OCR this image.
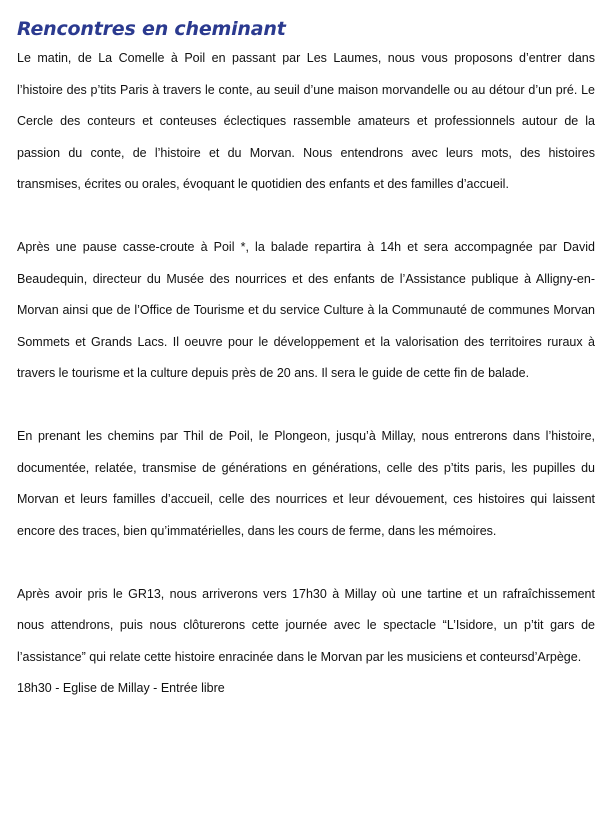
Rencontres en cheminant

Le matin, de La Comelle à Poil en passant par Les Laumes, nous vous proposons d’entrer dans l’histoire des p’tits Paris à travers le conte, au seuil d’une maison morvandelle ou au détour d’un pré. Le Cercle des conteurs et conteuses éclectiques rassemble amateurs et professionnels autour de la passion du conte, de l’histoire et du Morvan. Nous entendrons avec leurs mots, des histoires transmises, écrites ou orales, évoquant le quotidien des enfants et des familles d’accueil.

Après une pause casse-croute à Poil *, la balade repartira à 14h et sera accompagnée par David Beaudequin, directeur du Musée des nourrices et des enfants de l’Assistance publique à Alligny-en-Morvan ainsi que de l’Office de Tourisme et du service Culture à la Communauté de communes Morvan Sommets et Grands Lacs. Il oeuvre pour le développement et la valorisation des territoires ruraux à travers le tourisme et la culture depuis près de 20 ans. Il sera le guide de cette fin de balade.

En prenant les chemins par Thil de Poil, le Plongeon, jusqu’à Millay, nous entrerons dans l’histoire, documentée, relatée, transmise de générations en générations, celle des p’tits paris, les pupilles du Morvan et leurs familles d’accueil, celle des nourrices et leur dévouement, ces histoires qui laissent encore des traces, bien qu’immatérielles, dans les cours de ferme, dans les mémoires.

Après avoir pris le GR13, nous arriverons vers 17h30 à Millay où une tartine et un rafraîchissement nous attendrons, puis nous clôturerons cette journée avec le spectacle “L’Isidore, un p’tit gars de l’assistance” qui relate cette histoire enracinée dans le Morvan par les musiciens et conteursd’Arpège.

18h30 - Eglise de Millay - Entrée libre
